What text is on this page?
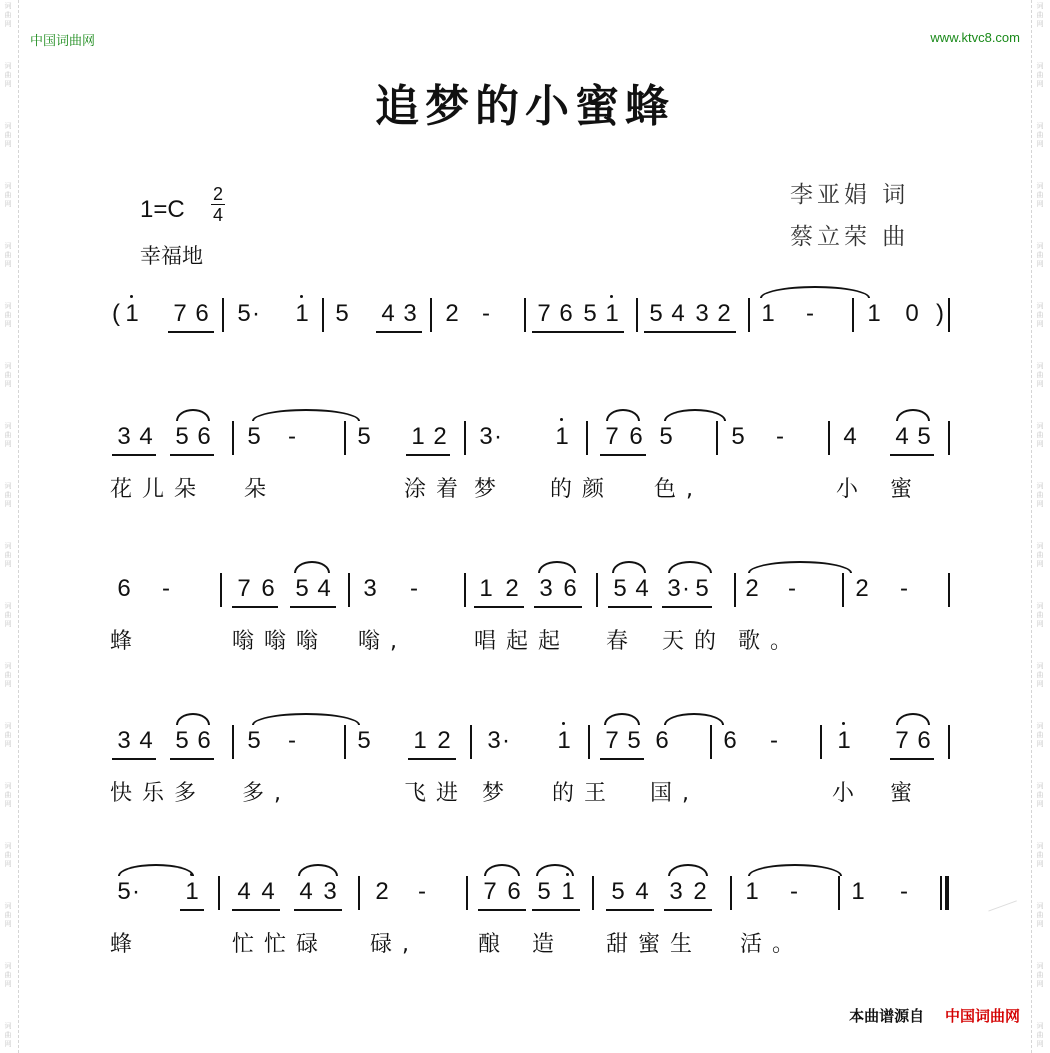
词
曲
网
词
曲
网
词
曲
网
词
曲
网
词
曲
网
词
曲
网
词
曲
网
词
曲
网
词
曲
网
词
曲
网
词
曲
网
词
曲
网
词
曲
网
词
曲
网
词
曲
网
词
曲
网
词
曲
网
词
曲
网
词
曲
网
词
曲
网
词
曲
网
词
曲
网
词
曲
网
词
曲
网
词
曲
网
词
曲
网
词
曲
网
词
曲
网
词
曲
网
词
曲
网
词
曲
网
词
曲
网
词
曲
网
词
曲
网
词
曲
网
词
曲
网
中国词曲网	www.ktvc8.com
追梦的小蜜蜂
1=C
2
4
幸福地
李亚娟 词
蔡立荣 曲
( 1 7 6 5 · 1 5 4 3 2 - 7 6 5 1 5 4 3 2 1 - 1 0 )
3 4 5 6 5 -	5 1 2 3 · 1 7 6 5 5 - 4 4 5
花儿朵 朵	涂着 梦 的颜 色,	小 蜜
6 -	7 6 5 4 3 -	1 2 3 6 5 4 3 · 5 2 - 2 -
蜂	嗡嗡嗡 嗡,	唱起起 春 天的 歌。
3 4 5 6 5 -	5 1 2 3 · 1 7 5 6 6 - 1 7 6
快乐多 多,	飞进 梦 的王 国,	小 蜜
5 · 1 4 4 4 3 2 - 7 6 5 1 5 4 3 2 1 - 1 -
蜂	忙忙碌 碌,	酿 造 甜蜜生 活。
本曲谱源自 中国词曲网
